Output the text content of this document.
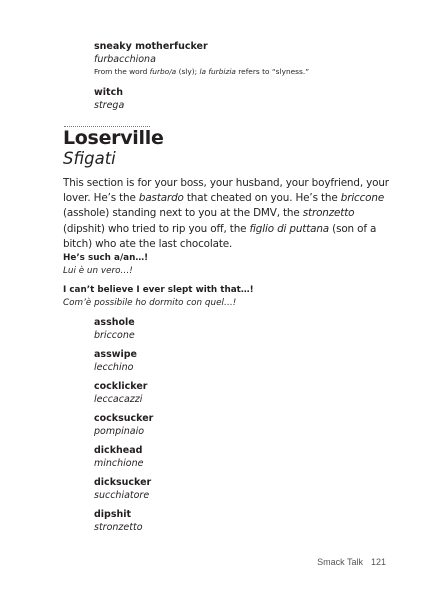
sneaky motherfucker
furbacchiona
From the word furbo/a (sly); la furbizia refers to “slyness.”
witch
strega
Loserville
Sfigati
This section is for your boss, your husband, your boyfriend, your lover. He’s the bastardo that cheated on you. He’s the briccone (asshole) standing next to you at the DMV, the stronzetto (dipshit) who tried to rip you off, the figlio di puttana (son of a bitch) who ate the last chocolate.
He’s such a/an…!
Lui è un vero…!
I can’t believe I ever slept with that…!
Com’è possibile ho dormito con quel…!
asshole
briccone
asswipe
lecchino
cocklicker
leccacazzi
cocksucker
pompinaio
dickhead
minchione
dicksucker
succhiatore
dipshit
stronzetto
Smack Talk 121
